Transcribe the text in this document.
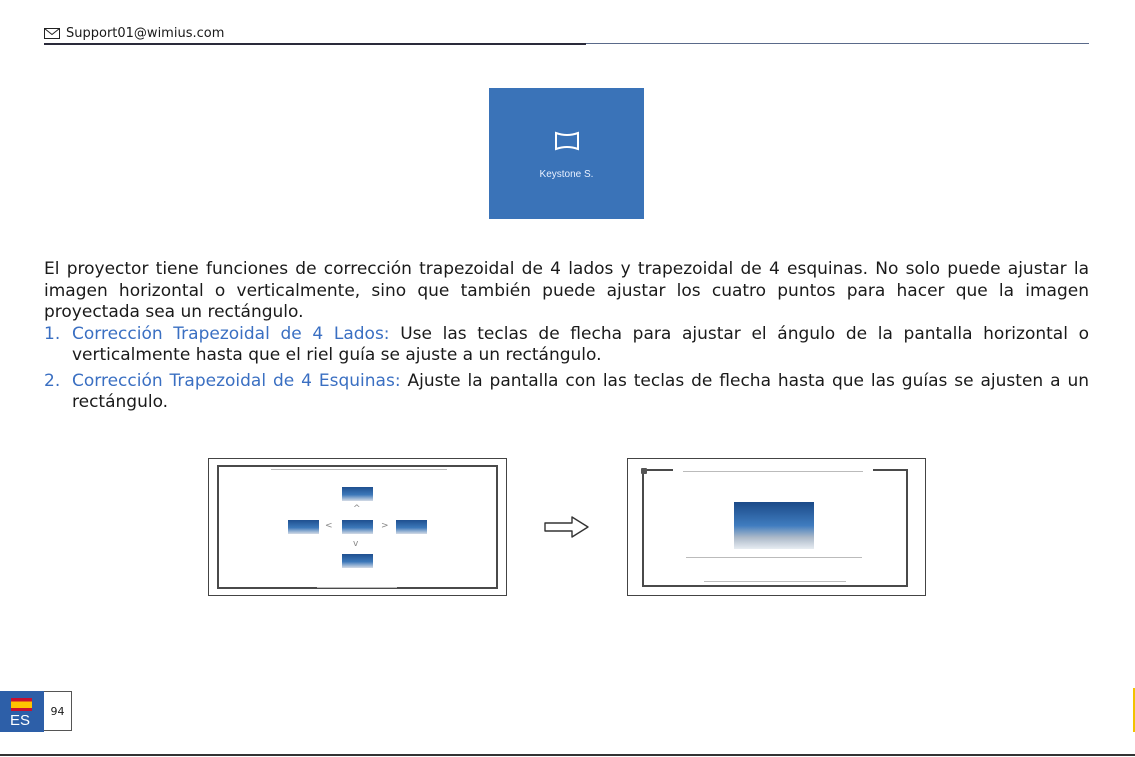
Support01@wimius.com
Keystone S.

El proyector tiene funciones de corrección trapezoidal de 4 lados y trapezoidal de 4 esquinas. No solo puede ajustar la imagen horizontal o verticalmente, sino que también puede ajustar los cuatro puntos para hacer que la imagen proyectada sea un rectángulo.

1. Corrección Trapezoidal de 4 Lados: Use las teclas de flecha para ajustar el ángulo de la pantalla horizontal o verticalmente hasta que el riel guía se ajuste a un rectángulo.
2. Corrección Trapezoidal de 4 Esquinas: Ajuste la pantalla con las teclas de flecha hasta que las guías se ajusten a un rectángulo.
^
<	>
v
ES
94
